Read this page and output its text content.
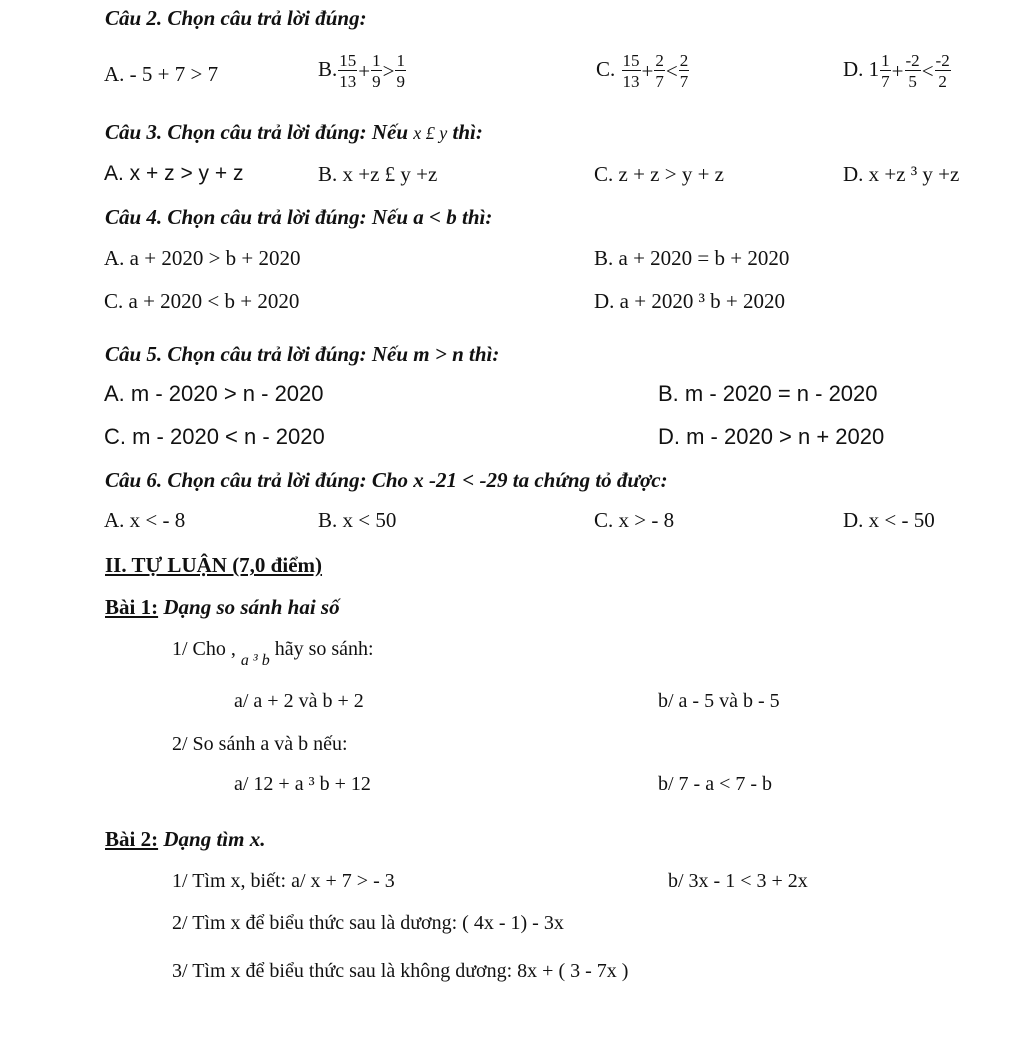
Câu 2. Chọn câu trả lời đúng:
A. - 5 + 7 > 7	B. $\frac{15}{13} + \frac{1}{9} > \frac{1}{9}$	C. $\frac{15}{13} + \frac{2}{7} < \frac{2}{7}$	D. $1 \frac{1}{7} + \frac{-2}{5} < \frac{-2}{2}$
Câu 3. Chọn câu trả lời đúng: Nếu x £ y thì:
A. x + z > y + z	B. x +z £ y +z	C. z + z > y + z	D. x +z ³ y +z
Câu 4. Chọn câu trả lời đúng: Nếu a < b thì:
A. a + 2020 > b + 2020	B. a + 2020 = b + 2020
C. a + 2020 < b + 2020	D. a + 2020 ³ b + 2020
Câu 5. Chọn câu trả lời đúng: Nếu m > n thì:
A. m - 2020 > n - 2020	B. m - 2020 = n - 2020
C. m - 2020 < n - 2020	D. m - 2020 > n + 2020
Câu 6. Chọn câu trả lời đúng: Cho x -21 < -29 ta chứng tỏ được:
A. x < - 8	B. x < 50	C. x > - 8	D. x < - 50
II. TỰ LUẬN (7,0 điểm)
Bài 1: Dạng so sánh hai số
1/ Cho , $_{a ^3 b}$ hãy so sánh:
a/ a + 2 và b + 2	b/ a - 5 và b - 5
2/ So sánh a và b nếu:
a/ 12 + a ³ b + 12	b/ 7 - a < 7 - b
Bài 2: Dạng tìm x.
1/ Tìm x, biết: a/ x + 7 > - 3	b/ 3x - 1 < 3 + 2x
2/ Tìm x để biểu thức sau là dương: ( 4x - 1) - 3x
3/ Tìm x để biểu thức sau là không dương: 8x + ( 3 - 7x )
